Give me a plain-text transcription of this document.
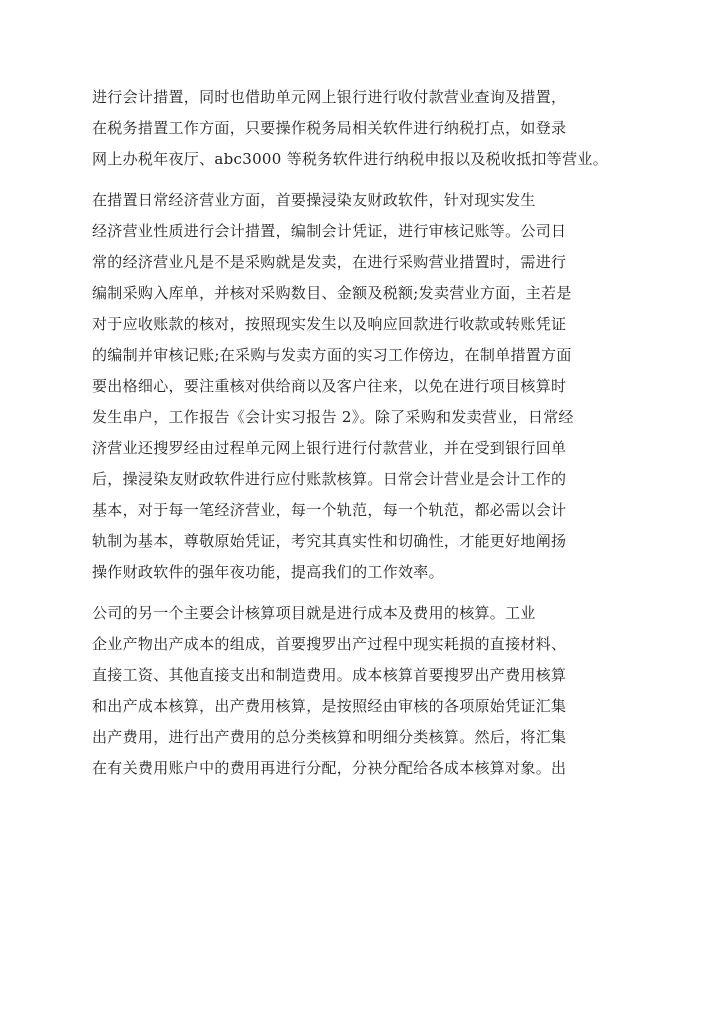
进行会计措置，同时也借助单元网上银行进行收付款营业查询及措置，
在税务措置工作方面，只要操作税务局相关软件进行纳税打点，如登录
网上办税年夜厅、abc3000 等税务软件进行纳税申报以及税收抵扣等营业。
在措置日常经济营业方面，首要操浸染友财政软件，针对现实发生
经济营业性质进行会计措置，编制会计凭证，进行审核记账等。公司日
常的经济营业凡是不是采购就是发卖，在进行采购营业措置时，需进行
编制采购入库单，并核对采购数目、金额及税额;发卖营业方面，主若是
对于应收账款的核对，按照现实发生以及响应回款进行收款或转账凭证
的编制并审核记账;在采购与发卖方面的实习工作傍边，在制单措置方面
要出格细心，要注重核对供给商以及客户往来，以免在进行项目核算时
发生串户，工作报告《会计实习报告 2》。除了采购和发卖营业，日常经
济营业还搜罗经由过程单元网上银行进行付款营业，并在受到银行回单
后，操浸染友财政软件进行应付账款核算。日常会计营业是会计工作的
基本，对于每一笔经济营业，每一个轨范，每一个轨范，都必需以会计
轨制为基本，尊敬原始凭证，考究其真实性和切确性，才能更好地阐扬
操作财政软件的强年夜功能，提高我们的工作效率。
公司的另一个主要会计核算项目就是进行成本及费用的核算。工业
企业产物出产成本的组成，首要搜罗出产过程中现实耗损的直接材料、
直接工资、其他直接支出和制造费用。成本核算首要搜罗出产费用核算
和出产成本核算，出产费用核算，是按照经由审核的各项原始凭证汇集
出产费用，进行出产费用的总分类核算和明细分类核算。然后，将汇集
在有关费用账户中的费用再进行分配，分袂分配给各成本核算对象。出
